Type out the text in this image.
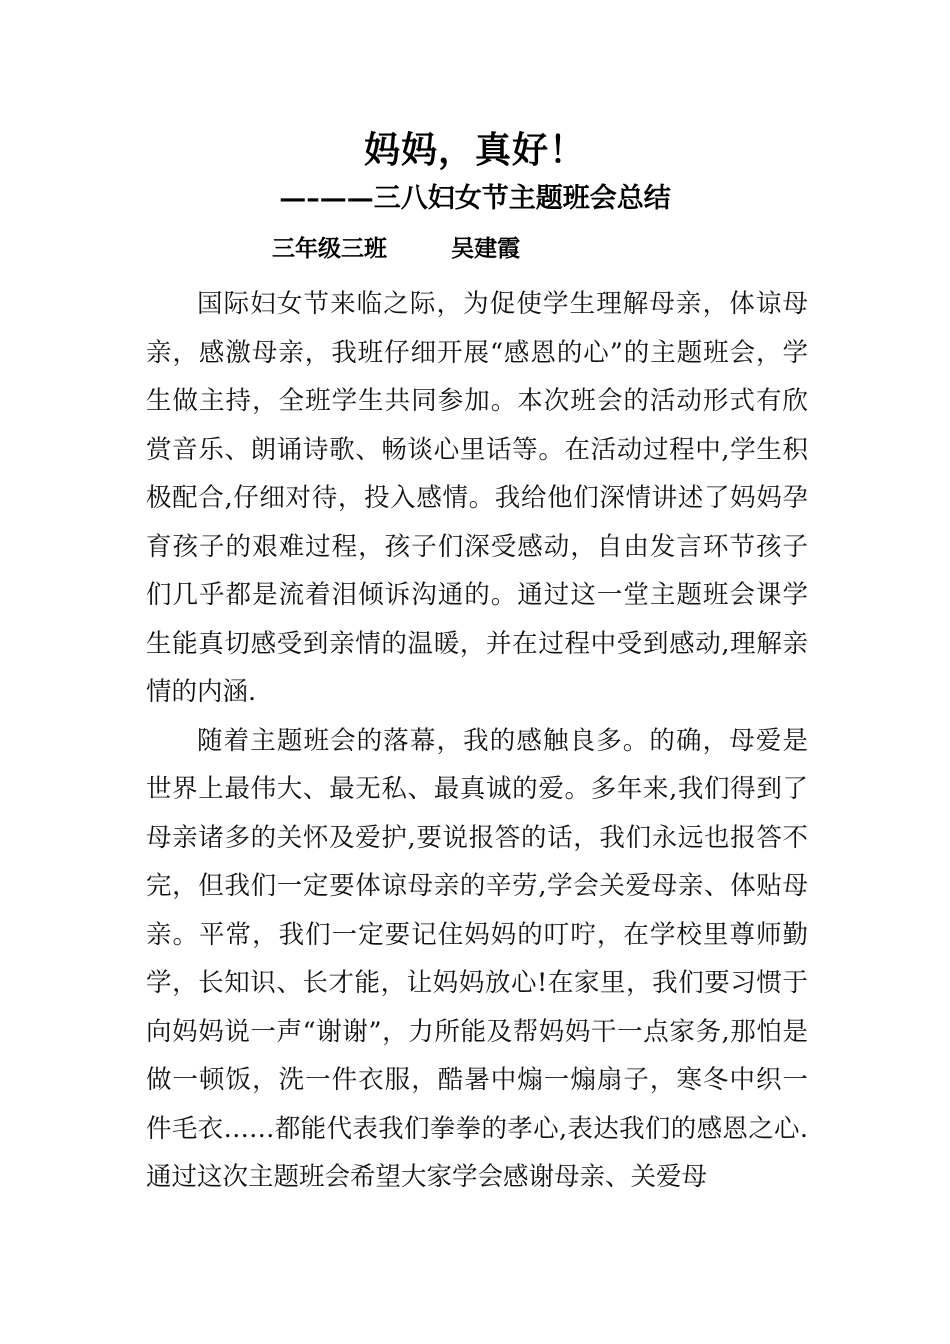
妈妈，真好！
—–——三八妇女节主题班会总结
三年级三班	吴建霞

国际妇女节来临之际，为促使学生理解母亲，体谅母亲，感激母亲，我班仔细开展“感恩的心”的主题班会，学生做主持，全班学生共同参加。本次班会的活动形式有欣赏音乐、朗诵诗歌、畅谈心里话等。在活动过程中,学生积极配合,仔细对待，投入感情。我给他们深情讲述了妈妈孕育孩子的艰难过程，孩子们深受感动，自由发言环节孩子们几乎都是流着泪倾诉沟通的。通过这一堂主题班会课学生能真切感受到亲情的温暖，并在过程中受到感动,理解亲情的内涵.

随着主题班会的落幕，我的感触良多。的确，母爱是世界上最伟大、最无私、最真诚的爱。多年来,我们得到了母亲诸多的关怀及爱护,要说报答的话，我们永远也报答不完，但我们一定要体谅母亲的辛劳,学会关爱母亲、体贴母亲。平常，我们一定要记住妈妈的叮咛，在学校里尊师勤学，长知识、长才能，让妈妈放心!在家里，我们要习惯于向妈妈说一声“谢谢”，力所能及帮妈妈干一点家务,那怕是做一顿饭，洗一件衣服，酷暑中煽一煽扇子，寒冬中织一件毛衣……都能代表我们拳拳的孝心,表达我们的感恩之心. 通过这次主题班会希望大家学会感谢母亲、关爱母
